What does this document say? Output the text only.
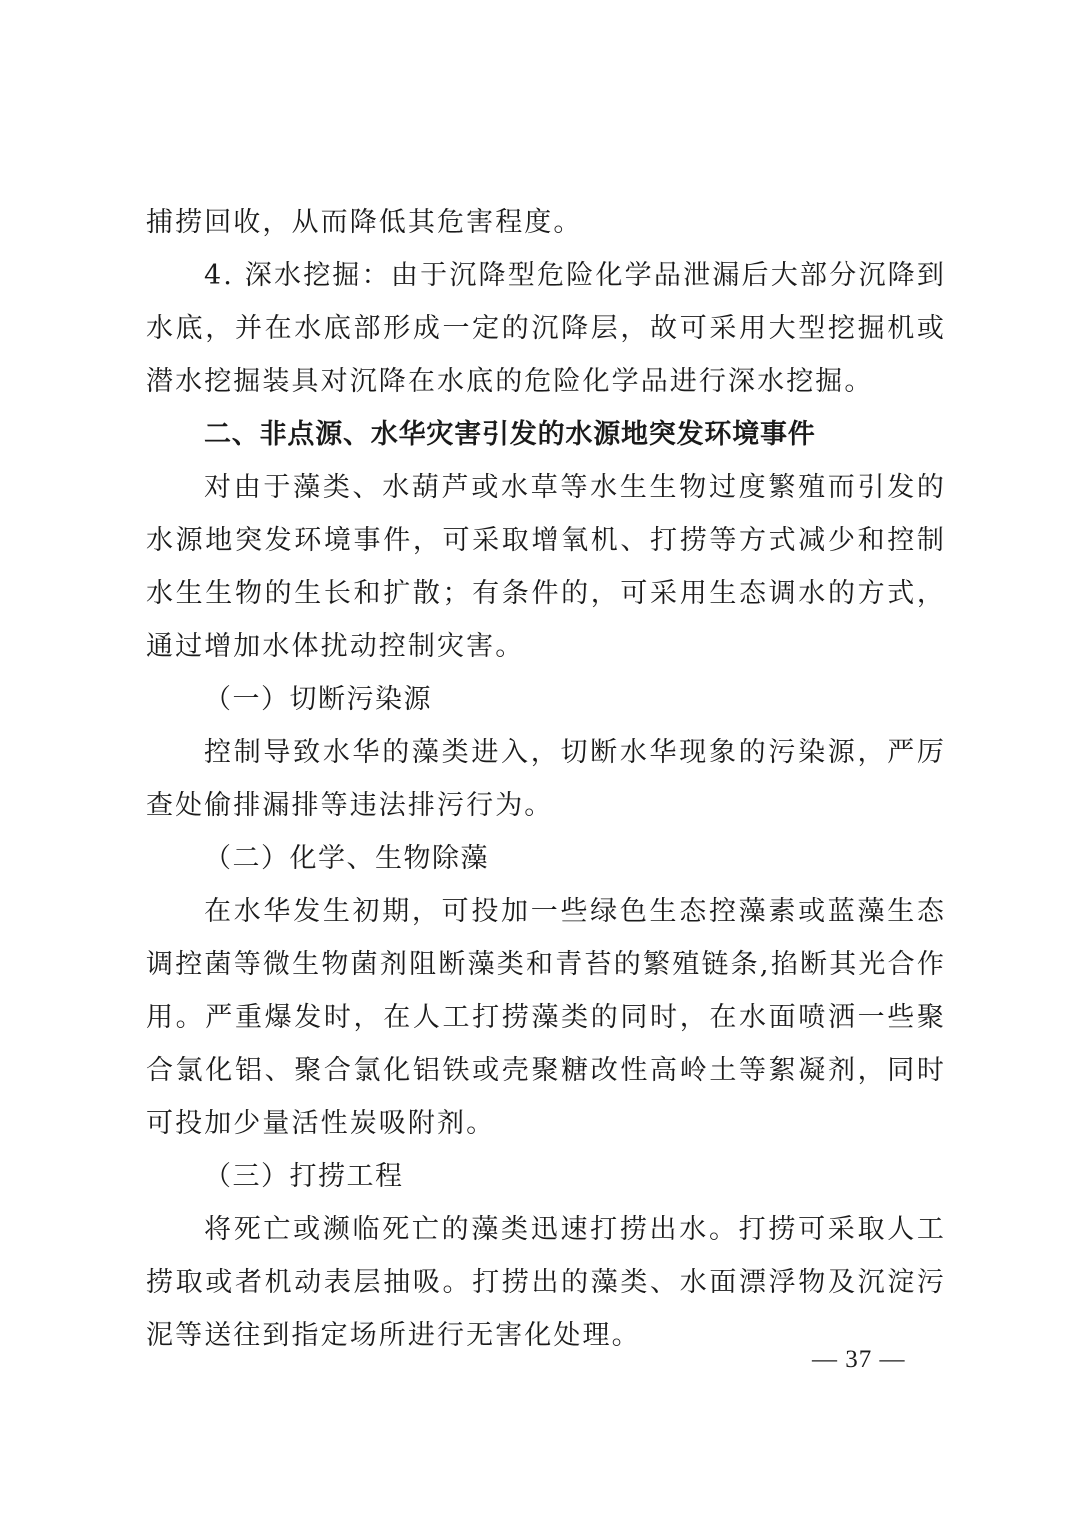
捕捞回收，从而降低其危害程度。

4. 深水挖掘：由于沉降型危险化学品泄漏后大部分沉降到水底，并在水底部形成一定的沉降层，故可采用大型挖掘机或潜水挖掘装具对沉降在水底的危险化学品进行深水挖掘。

二、非点源、水华灾害引发的水源地突发环境事件

对由于藻类、水葫芦或水草等水生生物过度繁殖而引发的水源地突发环境事件，可采取增氧机、打捞等方式减少和控制水生生物的生长和扩散；有条件的，可采用生态调水的方式，通过增加水体扰动控制灾害。

（一）切断污染源

控制导致水华的藻类进入，切断水华现象的污染源，严厉查处偷排漏排等违法排污行为。

（二）化学、生物除藻

在水华发生初期，可投加一些绿色生态控藻素或蓝藻生态调控菌等微生物菌剂阻断藻类和青苔的繁殖链条,掐断其光合作用。严重爆发时，在人工打捞藻类的同时，在水面喷洒一些聚合氯化铝、聚合氯化铝铁或壳聚糖改性高岭土等絮凝剂，同时可投加少量活性炭吸附剂。

（三）打捞工程

将死亡或濒临死亡的藻类迅速打捞出水。打捞可采取人工捞取或者机动表层抽吸。打捞出的藻类、水面漂浮物及沉淀污泥等送往到指定场所进行无害化处理。

— 37 —
